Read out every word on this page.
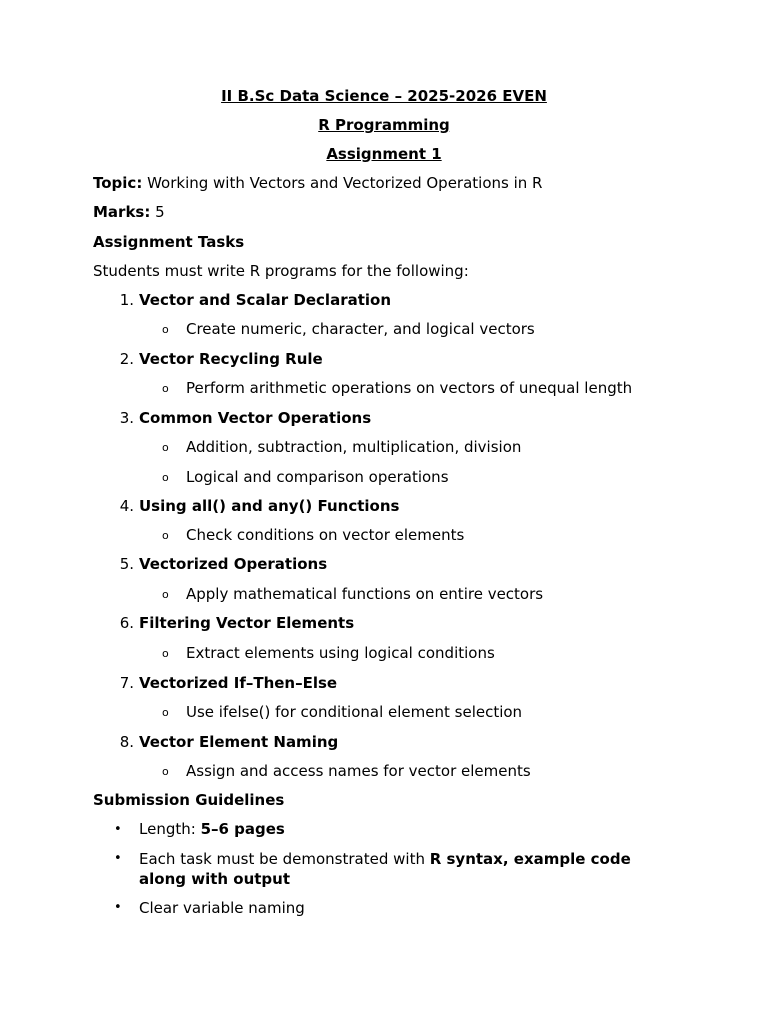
II B.Sc Data Science – 2025-2026 EVEN
R Programming
Assignment 1
Topic: Working with Vectors and Vectorized Operations in R
Marks: 5
Assignment Tasks
Students must write R programs for the following:
1. Vector and Scalar Declaration
o Create numeric, character, and logical vectors
2. Vector Recycling Rule
o Perform arithmetic operations on vectors of unequal length
3. Common Vector Operations
o Addition, subtraction, multiplication, division
o Logical and comparison operations
4. Using all() and any() Functions
o Check conditions on vector elements
5. Vectorized Operations
o Apply mathematical functions on entire vectors
6. Filtering Vector Elements
o Extract elements using logical conditions
7. Vectorized If–Then–Else
o Use ifelse() for conditional element selection
8. Vector Element Naming
o Assign and access names for vector elements
Submission Guidelines
• Length: 5–6 pages
• Each task must be demonstrated with R syntax, example code
along with output
• Clear variable naming
